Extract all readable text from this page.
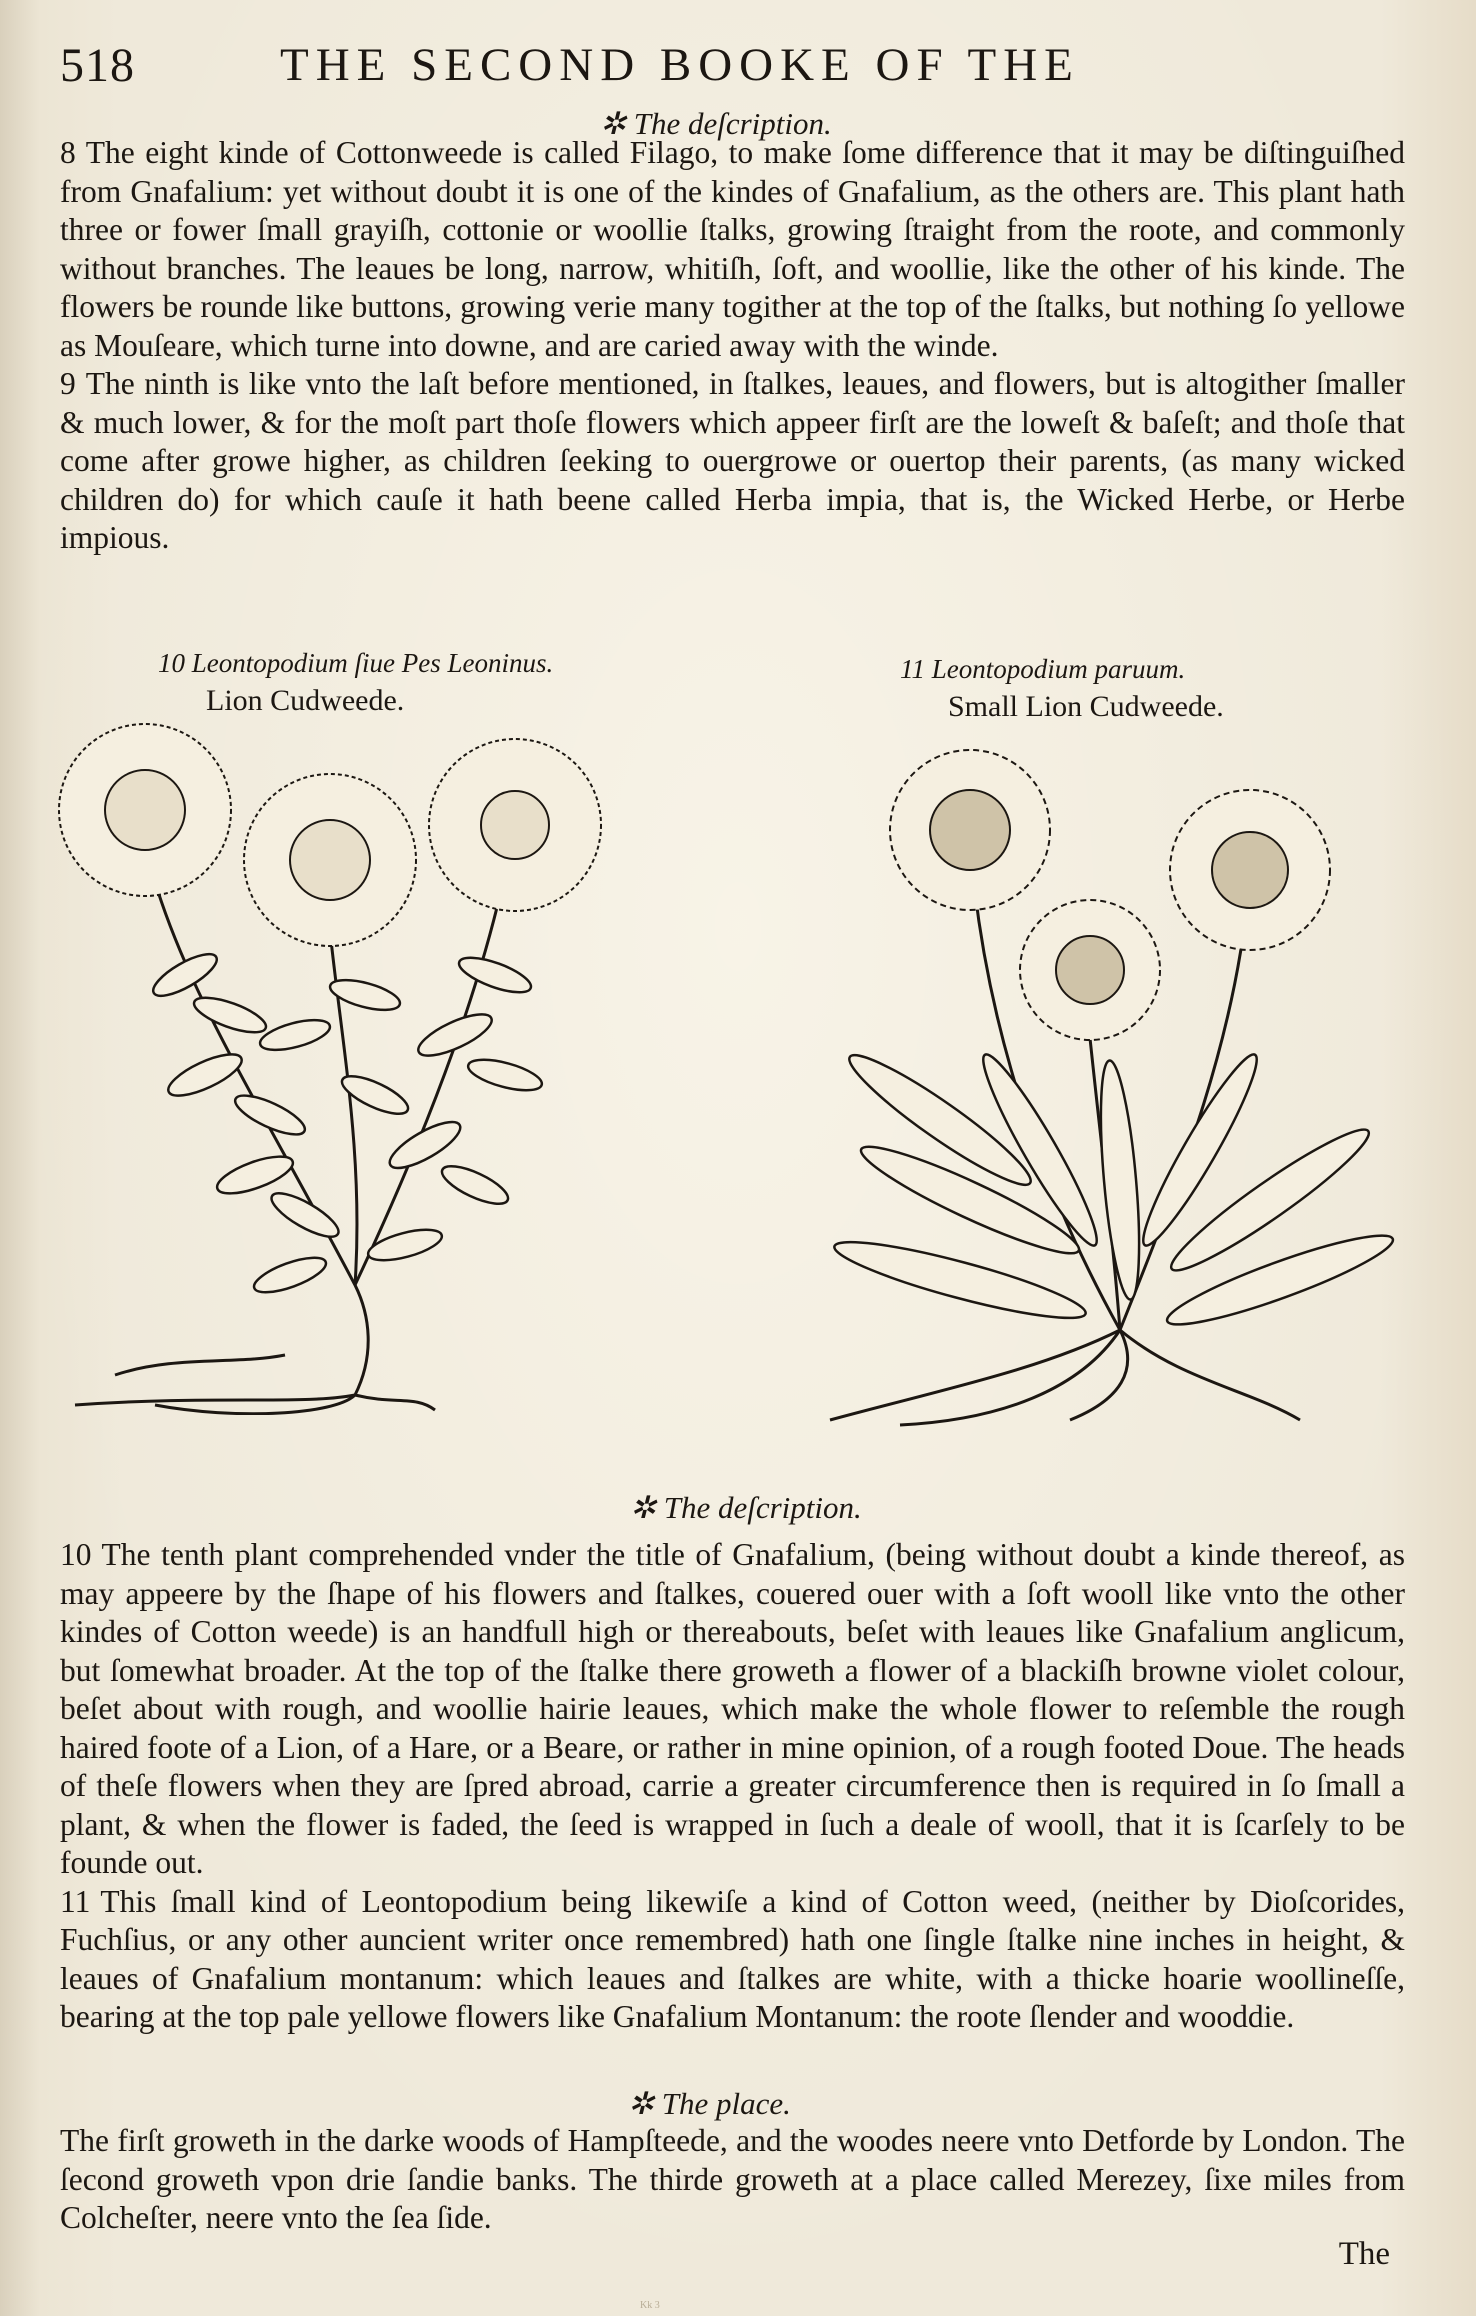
518	THE SECOND BOOKE OF THE
✲ The deſcription.

8 The eight kinde of Cottonweede is called Filago, to make ſome difference that it may be diſtinguiſhed from Gnafalium: yet without doubt it is one of the kindes of Gnafalium, as the others are. This plant hath three or fower ſmall grayiſh, cottonie or woollie ſtalks, growing ſtraight from the roote, and commonly without branches. The leaues be long, narrow, whitiſh, ſoft, and woollie, like the other of his kinde. The flowers be rounde like buttons, growing verie many togither at the top of the ſtalks, but nothing ſo yellowe as Mouſeare, which turne into downe, and are caried away with the winde.

9 The ninth is like vnto the laſt before mentioned, in ſtalkes, leaues, and flowers, but is altogither ſmaller & much lower, & for the moſt part thoſe flowers which appeer firſt are the loweſt & baſeſt; and thoſe that come after growe higher, as children ſeeking to ouergrowe or ouertop their parents, (as many wicked children do) for which cauſe it hath beene called Herba impia, that is, the Wicked Herbe, or Herbe impious.

10 Leontopodium ſiue Pes Leoninus.
Lion Cudweede.
11 Leontopodium paruum.
Small Lion Cudweede.
✲ The deſcription.

10 The tenth plant comprehended vnder the title of Gnafalium, (being without doubt a kinde thereof, as may appeere by the ſhape of his flowers and ſtalkes, couered ouer with a ſoft wooll like vnto the other kindes of Cotton weede) is an handfull high or thereabouts, beſet with leaues like Gnafalium anglicum, but ſomewhat broader. At the top of the ſtalke there groweth a flower of a blackiſh browne violet colour, beſet about with rough, and woollie hairie leaues, which make the whole flower to reſemble the rough haired foote of a Lion, of a Hare, or a Beare, or rather in mine opinion, of a rough footed Doue. The heads of theſe flowers when they are ſpred abroad, carrie a greater circumference then is required in ſo ſmall a plant, & when the flower is faded, the ſeed is wrapped in ſuch a deale of wooll, that it is ſcarſely to be founde out.

11 This ſmall kind of Leontopodium being likewiſe a kind of Cotton weed, (neither by Dioſcorides, Fuchſius, or any other auncient writer once remembred) hath one ſingle ſtalke nine inches in height, & leaues of Gnafalium montanum: which leaues and ſtalkes are white, with a thicke hoarie woollineſſe, bearing at the top pale yellowe flowers like Gnafalium Montanum: the roote ſlender and wooddie.

✲ The place.

The firſt groweth in the darke woods of Hampſteede, and the woodes neere vnto Detforde by London. The ſecond groweth vpon drie ſandie banks. The thirde groweth at a place called Merezey, ſixe miles from Colcheſter, neere vnto the ſea ſide.

The
Kk 3
